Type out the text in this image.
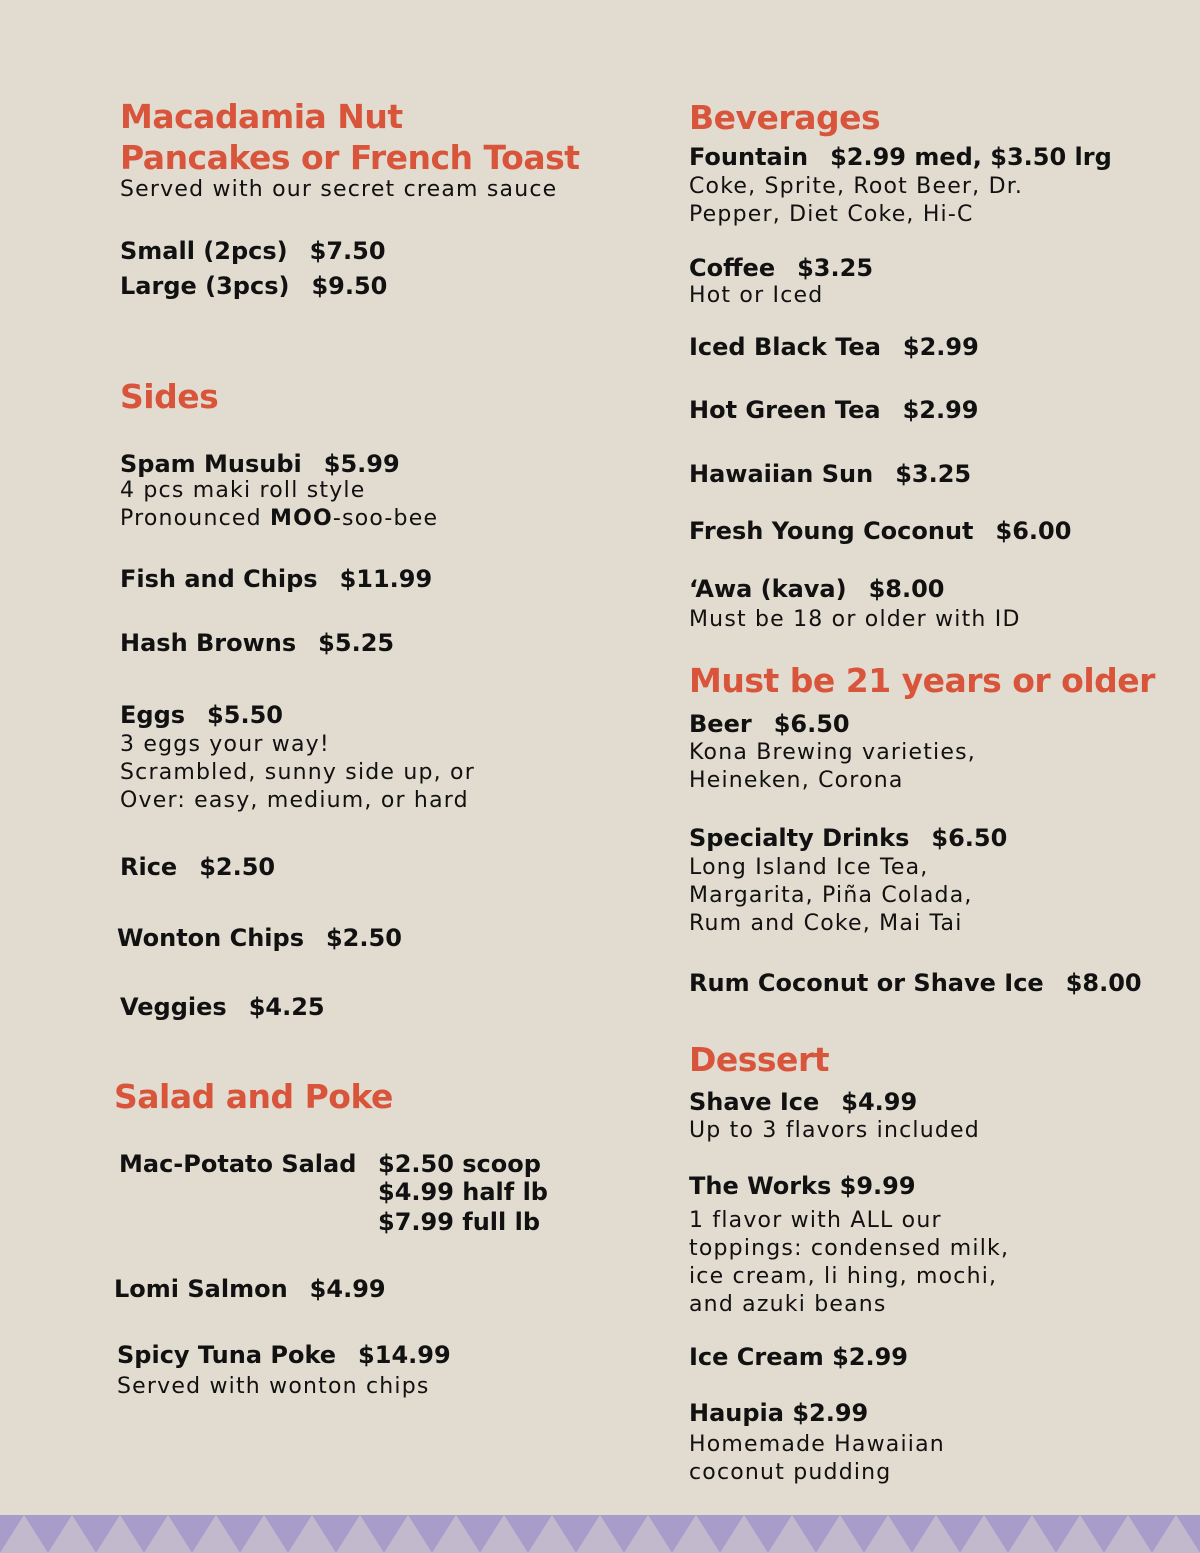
Macadamia Nut
Pancakes or French Toast
Served with our secret cream sauce
Small (2pcs) $7.50
Large (3pcs) $9.50
Sides
Spam Musubi $5.99
4 pcs maki roll style
Pronounced MOO-soo-bee
Fish and Chips $11.99
Hash Browns $5.25
Eggs $5.50
3 eggs your way!
Scrambled, sunny side up, or
Over: easy, medium, or hard
Rice $2.50
Wonton Chips $2.50
Veggies $4.25
Salad and Poke
Mac-Potato Salad $2.50 scoop
$4.99 half lb
$7.99 full lb
Lomi Salmon $4.99
Spicy Tuna Poke $14.99
Served with wonton chips
Beverages
Fountain $2.99 med, $3.50 lrg
Coke, Sprite, Root Beer, Dr.
Pepper, Diet Coke, Hi-C
Coffee $3.25
Hot or Iced
Iced Black Tea $2.99
Hot Green Tea $2.99
Hawaiian Sun $3.25
Fresh Young Coconut $6.00
‘Awa (kava) $8.00
Must be 18 or older with ID
Must be 21 years or older
Beer $6.50
Kona Brewing varieties,
Heineken, Corona
Specialty Drinks $6.50
Long Island Ice Tea,
Margarita, Piña Colada,
Rum and Coke, Mai Tai
Rum Coconut or Shave Ice $8.00
Dessert
Shave Ice $4.99
Up to 3 flavors included
The Works $9.99
1 flavor with ALL our
toppings: condensed milk,
ice cream, li hing, mochi,
and azuki beans
Ice Cream $2.99
Haupia $2.99
Homemade Hawaiian
coconut pudding
